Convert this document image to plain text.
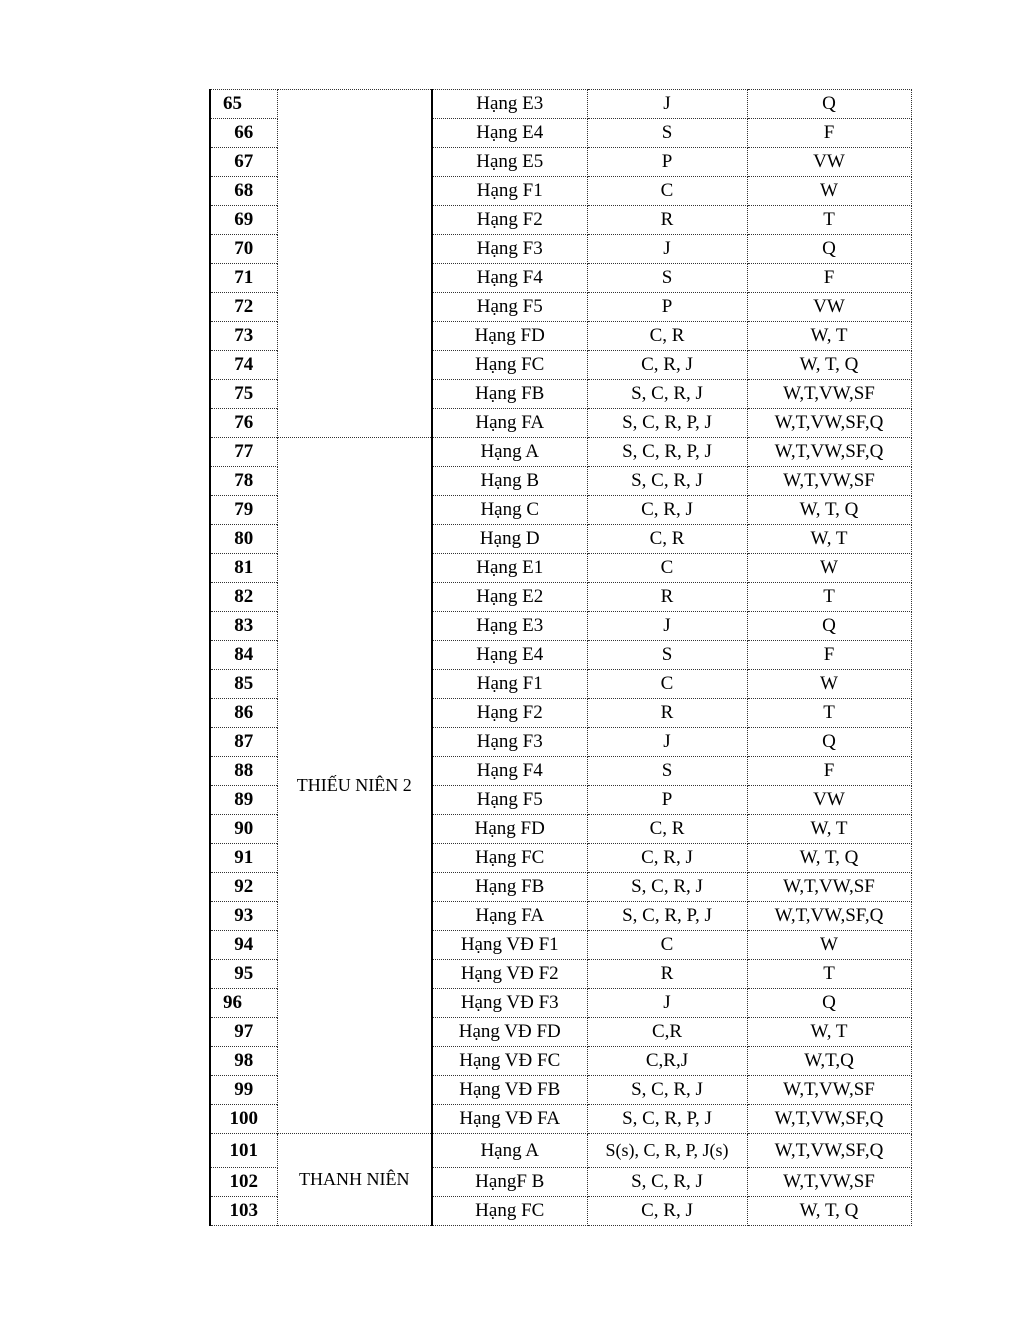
65		Hạng E3	J	Q
66		Hạng E4	S	F
67		Hạng E5	P	VW
68		Hạng F1	C	W
69		Hạng F2	R	T
70		Hạng F3	J	Q
71		Hạng F4	S	F
72		Hạng F5	P	VW
73		Hạng FD	C, R	W, T
74		Hạng FC	C, R, J	W, T, Q
75		Hạng FB	S, C, R, J	W,T,VW,SF
76		Hạng FA	S, C, R, P, J	W,T,VW,SF,Q
77	THIẾU NIÊN 2	Hạng A	S, C, R, P, J	W,T,VW,SF,Q
78		Hạng B	S, C, R, J	W,T,VW,SF
79		Hạng C	C, R, J	W, T, Q
80		Hạng D	C, R	W, T
81		Hạng E1	C	W
82		Hạng E2	R	T
83		Hạng E3	J	Q
84		Hạng E4	S	F
85		Hạng F1	C	W
86		Hạng F2	R	T
87		Hạng F3	J	Q
88		Hạng F4	S	F
89		Hạng F5	P	VW
90		Hạng FD	C, R	W, T
91		Hạng FC	C, R, J	W, T, Q
92		Hạng FB	S, C, R, J	W,T,VW,SF
93		Hạng FA	S, C, R, P, J	W,T,VW,SF,Q
94		Hạng VĐ F1	C	W
95		Hạng VĐ F2	R	T
96		Hạng VĐ F3	J	Q
97		Hạng VĐ FD	C,R	W, T
98		Hạng VĐ FC	C,R,J	W,T,Q
99		Hạng VĐ FB	S, C, R, J	W,T,VW,SF
100		Hạng VĐ FA	S, C, R, P, J	W,T,VW,SF,Q
101	THANH NIÊN	Hạng A	S(s), C, R, P, J(s)	W,T,VW,SF,Q
102		HạngF B	S, C, R, J	W,T,VW,SF
103		Hạng FC	C, R, J	W, T, Q
